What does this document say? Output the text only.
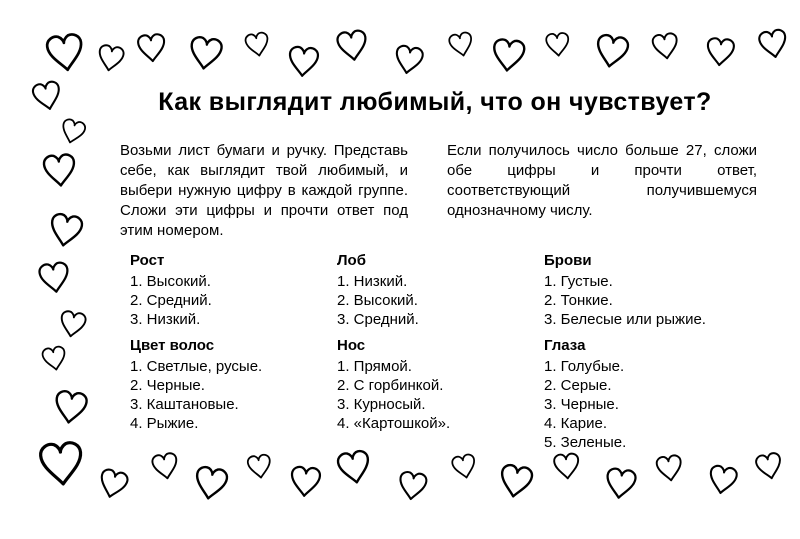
Как выглядит любимый, что он чувствует?

Возьми лист бумаги и ручку. Представь себе, как выглядит твой любимый, и выбери нужную цифру в каждой группе. Сложи эти цифры и прочти ответ под этим номером.

Если получилось число больше 27, сложи обе цифры и прочти ответ, соответствующий получившемуся однозначному числу.

Рост
1. Высокий.
2. Средний.
3. Низкий.
Лоб
1. Низкий.
2. Высокий.
3. Средний.
Брови
1. Густые.
2. Тонкие.
3. Белесые или рыжие.
Цвет волос
1. Светлые, русые.
2. Черные.
3. Каштановые.
4. Рыжие.
Нос
1. Прямой.
2. С горбинкой.
3. Курносый.
4. «Картошкой».
Глаза
1. Голубые.
2. Серые.
3. Черные.
4. Карие.
5. Зеленые.
